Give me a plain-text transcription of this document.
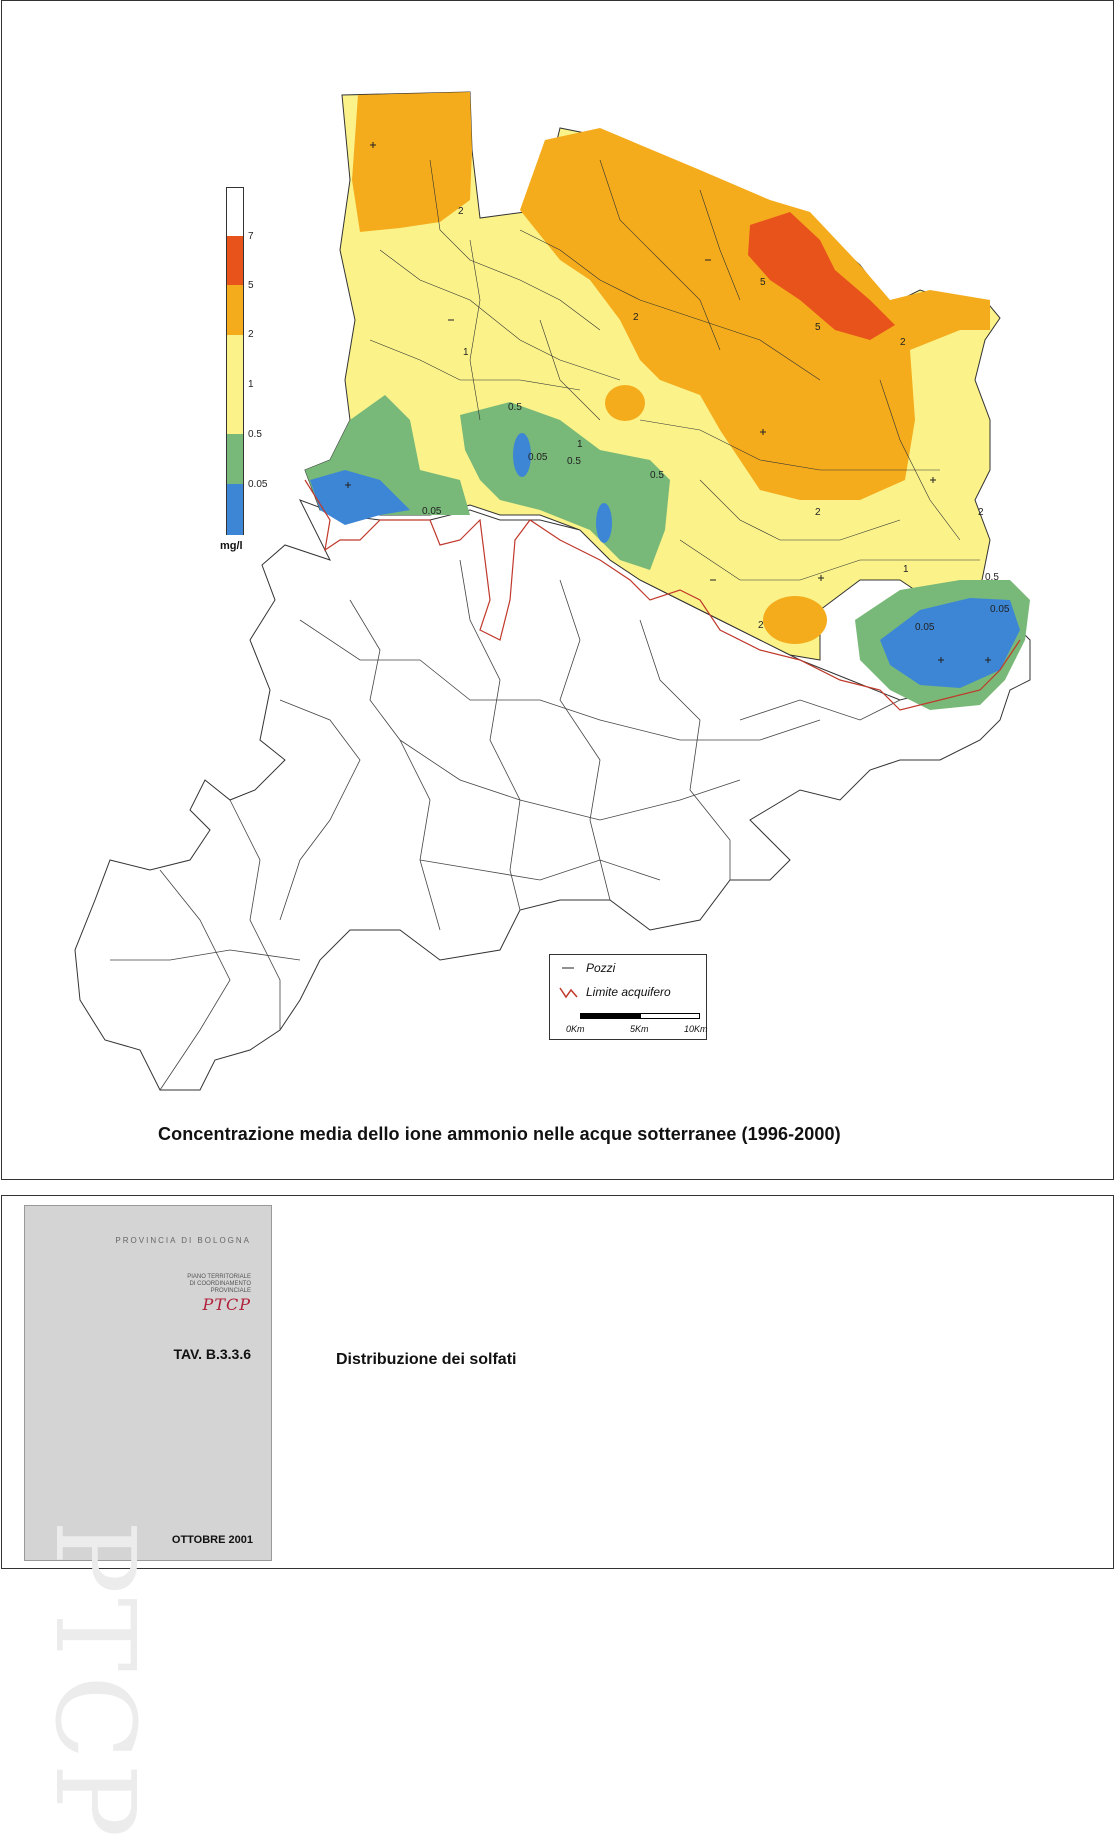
2
2
1
1
0.5
0.5
0.05
0.05
0.5
5
5
2
2
1
0.5
0.05
0.05
2
2
7
5
2
1
0.5
0.05
mg/l
Pozzi
Limite acquifero
0Km	5Km	10Km
Concentrazione media dello ione ammonio nelle acque sotterranee (1996-2000)
PROVINCIA DI BOLOGNA
PIANO TERRITORIALE
DI COORDINAMENTO
PROVINCIALE
PTCP
TAV. B.3.3.6
PTCP OTTOBRE 2001
Distribuzione dei solfati
